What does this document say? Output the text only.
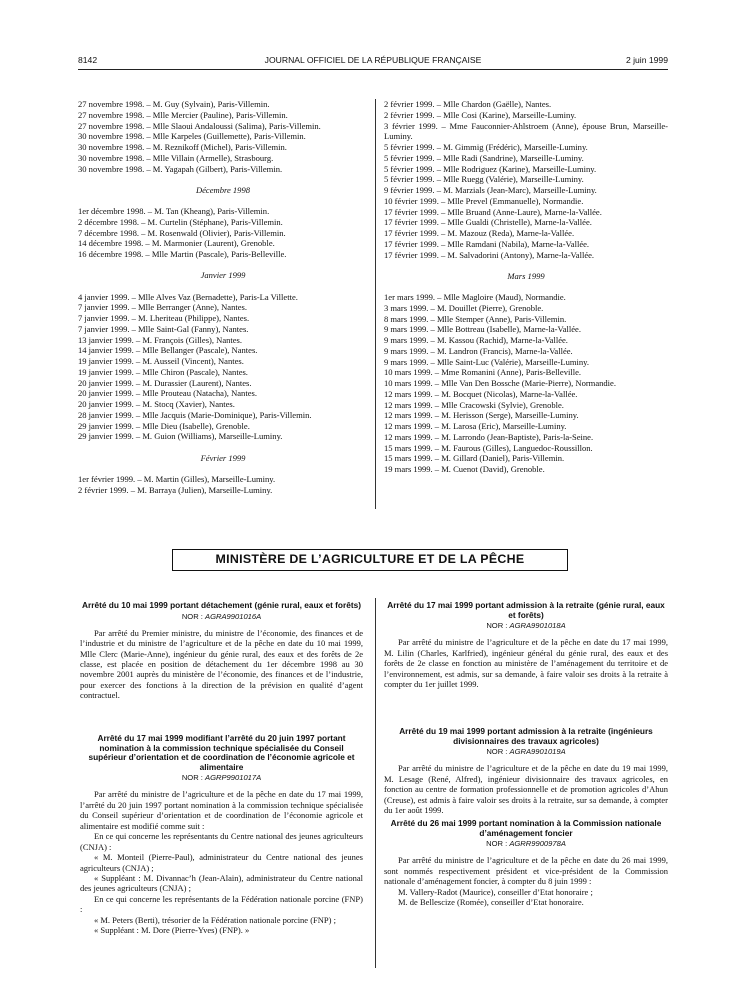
8142	JOURNAL OFFICIEL DE LA RÉPUBLIQUE FRANÇAISE	2 juin 1999
27 novembre 1998. – M. Guy (Sylvain), Paris-Villemin.
27 novembre 1998. – Mlle Mercier (Pauline), Paris-Villemin.
27 novembre 1998. – Mlle Slaoui Andaloussi (Salima), Paris-Villemin.
30 novembre 1998. – Mlle Karpeles (Guillemette), Paris-Villemin.
30 novembre 1998. – M. Reznikoff (Michel), Paris-Villemin.
30 novembre 1998. – Mlle Villain (Armelle), Strasbourg.
30 novembre 1998. – M. Yagapah (Gilbert), Paris-Villemin.
Décembre 1998
1er décembre 1998. – M. Tan (Kheang), Paris-Villemin.
2 décembre 1998. – M. Curtelin (Stéphane), Paris-Villemin.
7 décembre 1998. – M. Rosenwald (Olivier), Paris-Villemin.
14 décembre 1998. – M. Marmonier (Laurent), Grenoble.
16 décembre 1998. – Mlle Martin (Pascale), Paris-Belleville.
Janvier 1999
4 janvier 1999. – Mlle Alves Vaz (Bernadette), Paris-La Villette.
7 janvier 1999. – Mlle Berranger (Anne), Nantes.
7 janvier 1999. – M. Lheriteau (Philippe), Nantes.
7 janvier 1999. – Mlle Saint-Gal (Fanny), Nantes.
13 janvier 1999. – M. François (Gilles), Nantes.
14 janvier 1999. – Mlle Bellanger (Pascale), Nantes.
19 janvier 1999. – M. Ausseil (Vincent), Nantes.
19 janvier 1999. – Mlle Chiron (Pascale), Nantes.
20 janvier 1999. – M. Durassier (Laurent), Nantes.
20 janvier 1999. – Mlle Prouteau (Natacha), Nantes.
20 janvier 1999. – M. Stocq (Xavier), Nantes.
28 janvier 1999. – Mlle Jacquis (Marie-Dominique), Paris-Villemin.
29 janvier 1999. – Mlle Dieu (Isabelle), Grenoble.
29 janvier 1999. – M. Guion (Williams), Marseille-Luminy.
Février 1999
1er février 1999. – M. Martin (Gilles), Marseille-Luminy.
2 février 1999. – M. Barraya (Julien), Marseille-Luminy.
2 février 1999. – Mlle Chardon (Gaëlle), Nantes.
2 février 1999. – Mlle Cosi (Karine), Marseille-Luminy.
3 février 1999. – Mme Fauconnier-Ahlstroem (Anne), épouse Brun, Marseille-Luminy.
5 février 1999. – M. Gimmig (Frédéric), Marseille-Luminy.
5 février 1999. – Mlle Radi (Sandrine), Marseille-Luminy.
5 février 1999. – Mlle Rodriguez (Karine), Marseille-Luminy.
5 février 1999. – Mlle Ruegg (Valérie), Marseille-Luminy.
9 février 1999. – M. Marzials (Jean-Marc), Marseille-Luminy.
10 février 1999. – Mlle Prevel (Emmanuelle), Normandie.
17 février 1999. – Mlle Bruand (Anne-Laure), Marne-la-Vallée.
17 février 1999. – Mlle Gualdi (Christelle), Marne-la-Vallée.
17 février 1999. – M. Mazouz (Reda), Marne-la-Vallée.
17 février 1999. – Mlle Ramdani (Nabila), Marne-la-Vallée.
17 février 1999. – M. Salvadorini (Antony), Marne-la-Vallée.
Mars 1999
1er mars 1999. – Mlle Magloire (Maud), Normandie.
3 mars 1999. – M. Douillet (Pierre), Grenoble.
8 mars 1999. – Mlle Stemper (Anne), Paris-Villemin.
9 mars 1999. – Mlle Bottreau (Isabelle), Marne-la-Vallée.
9 mars 1999. – M. Kassou (Rachid), Marne-la-Vallée.
9 mars 1999. – M. Landron (Francis), Marne-la-Vallée.
9 mars 1999. – Mlle Saint-Luc (Valérie), Marseille-Luminy.
10 mars 1999. – Mme Romanini (Anne), Paris-Belleville.
10 mars 1999. – Mlle Van Den Bossche (Marie-Pierre), Normandie.
12 mars 1999. – M. Bocquet (Nicolas), Marne-la-Vallée.
12 mars 1999. – Mlle Cracowski (Sylvie), Grenoble.
12 mars 1999. – M. Herisson (Serge), Marseille-Luminy.
12 mars 1999. – M. Larosa (Eric), Marseille-Luminy.
12 mars 1999. – M. Larrondo (Jean-Baptiste), Paris-la-Seine.
15 mars 1999. – M. Faurous (Gilles), Languedoc-Roussillon.
15 mars 1999. – M. Gillard (Daniel), Paris-Villemin.
19 mars 1999. – M. Cuenot (David), Grenoble.
MINISTÈRE DE L’AGRICULTURE ET DE LA PÊCHE
Arrêté du 10 mai 1999 portant détachement (génie rural, eaux et forêts)
NOR : AGRA9901016A

Par arrêté du Premier ministre, du ministre de l’économie, des finances et de l’industrie et du ministre de l’agriculture et de la pêche en date du 10 mai 1999, Mlle Clerc (Marie-Anne), ingénieur du génie rural, des eaux et des forêts de 2e classe, est placée en position de détachement du 1er décembre 1998 au 30 novembre 2001 auprès du ministère de l’économie, des finances et de l’industrie, pour exercer des fonctions à la direction de la prévision en qualité d’agent contractuel.

Arrêté du 17 mai 1999 modifiant l’arrêté du 20 juin 1997 portant nomination à la commission technique spécialisée du Conseil supérieur d’orientation et de coordination de l’économie agricole et alimentaire
NOR : AGRP9901017A

Par arrêté du ministre de l’agriculture et de la pêche en date du 17 mai 1999, l’arrêté du 20 juin 1997 portant nomination à la commission technique spécialisée du Conseil supérieur d’orientation et de coordination de l’économie agricole et alimentaire est modifié comme suit :

En ce qui concerne les représentants du Centre national des jeunes agriculteurs (CNJA) :

« M. Monteil (Pierre-Paul), administrateur du Centre national des jeunes agriculteurs (CNJA) ;

« Suppléant : M. Divannac’h (Jean-Alain), administrateur du Centre national des jeunes agriculteurs (CNJA) ;

En ce qui concerne les représentants de la Fédération nationale porcine (FNP) :

« M. Peters (Berti), trésorier de la Fédération nationale porcine (FNP) ;

« Suppléant : M. Dore (Pierre-Yves) (FNP). »

Arrêté du 17 mai 1999 portant admission à la retraite (génie rural, eaux et forêts)
NOR : AGRA9901018A

Par arrêté du ministre de l’agriculture et de la pêche en date du 17 mai 1999, M. Lilin (Charles, Karlfried), ingénieur général du génie rural, des eaux et des forêts de 2e classe en fonction au ministère de l’aménagement du territoire et de l’environnement, est admis, sur sa demande, à faire valoir ses droits à la retraite à compter du 1er juillet 1999.

Arrêté du 19 mai 1999 portant admission à la retraite (ingénieurs divisionnaires des travaux agricoles)
NOR : AGRA9901019A

Par arrêté du ministre de l’agriculture et de la pêche en date du 19 mai 1999, M. Lesage (René, Alfred), ingénieur divisionnaire des travaux agricoles, en fonction au centre de formation professionnelle et de promotion agricoles d’Ahun (Creuse), est admis à faire valoir ses droits à la retraite, sur sa demande, à compter du 1er août 1999.

Arrêté du 26 mai 1999 portant nomination à la Commission nationale d’aménagement foncier
NOR : AGRR9900978A

Par arrêté du ministre de l’agriculture et de la pêche en date du 26 mai 1999, sont nommés respectivement président et vice-président de la Commission nationale d’aménagement foncier, à compter du 8 juin 1999 :

M. Vallery-Radot (Maurice), conseiller d’Etat honoraire ;

M. de Bellescize (Romée), conseiller d’Etat honoraire.
